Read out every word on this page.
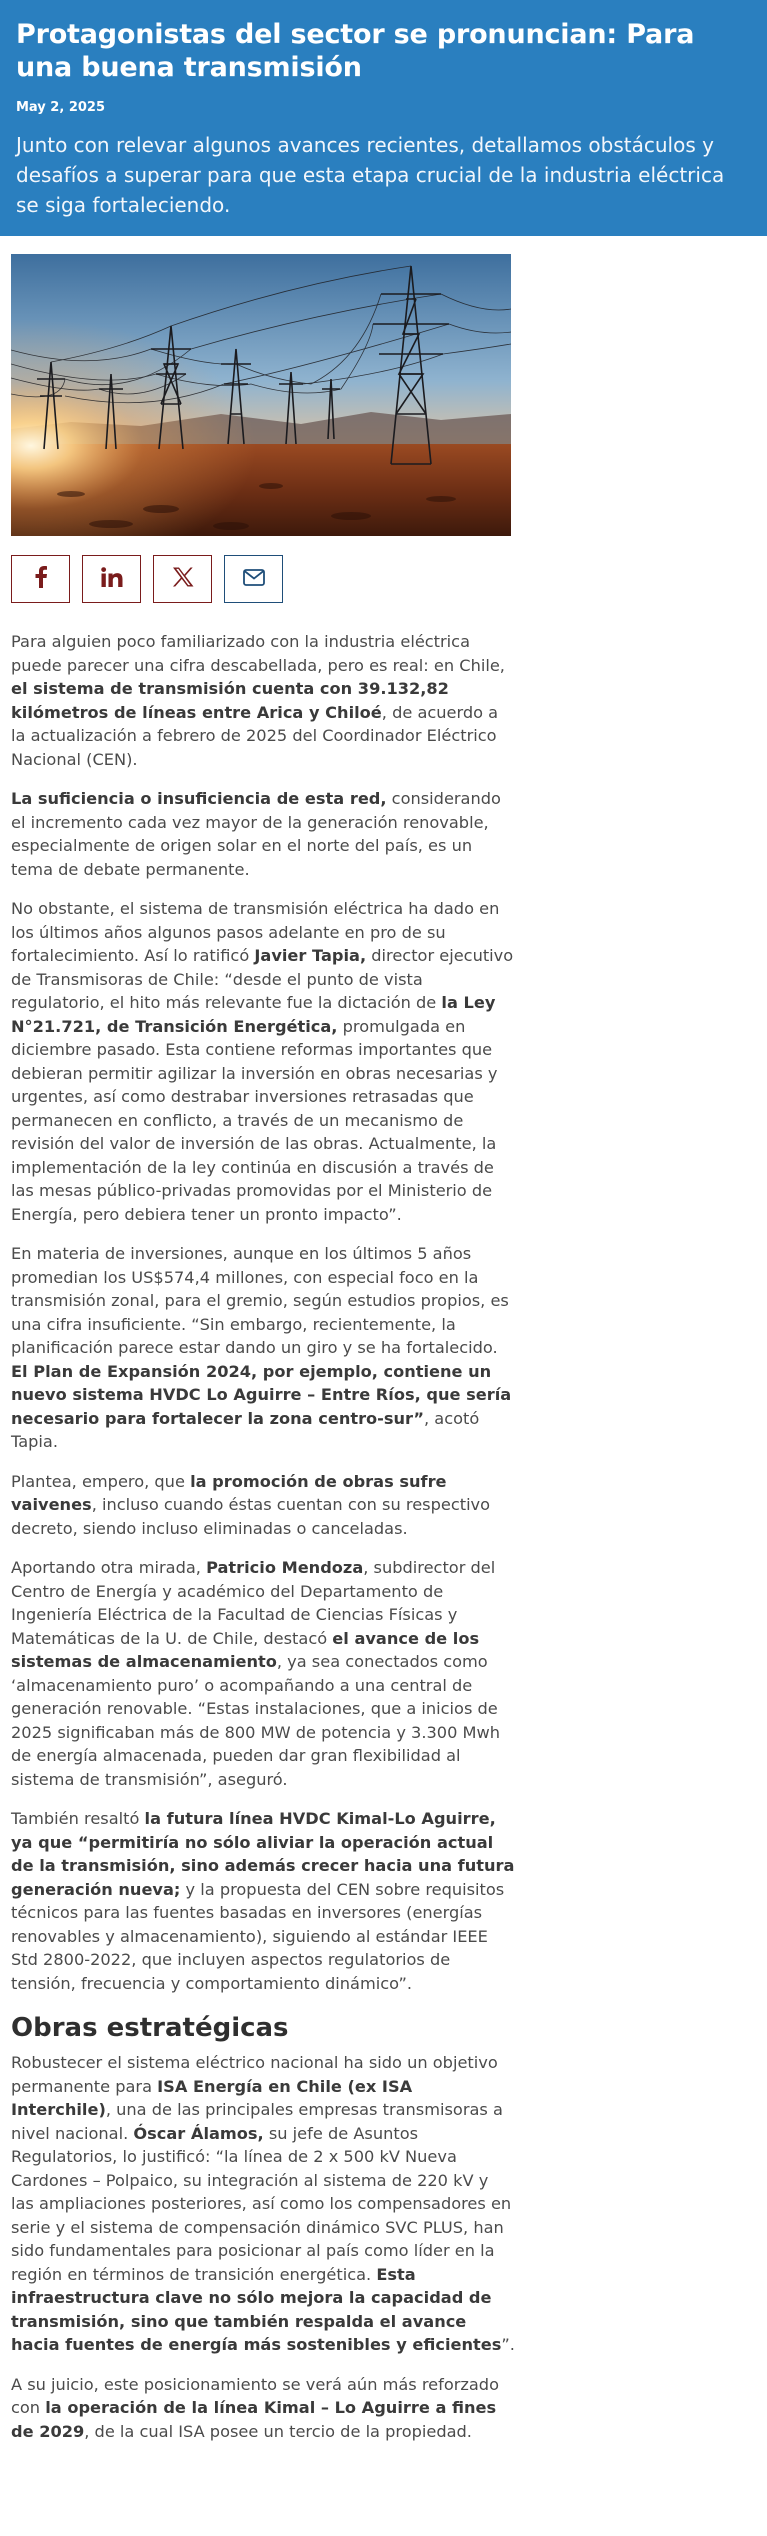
Protagonistas del sector se pronuncian: Para una buena transmisión
May 2, 2025

Junto con relevar algunos avances recientes, detallamos obstáculos y desafíos a superar para que esta etapa crucial de la industria eléctrica se siga fortaleciendo.

Para alguien poco familiarizado con la industria eléctrica puede parecer una cifra descabellada, pero es real: en Chile, el sistema de transmisión cuenta con 39.132,82 kilómetros de líneas entre Arica y Chiloé, de acuerdo a la actualización a febrero de 2025 del Coordinador Eléctrico Nacional (CEN).

La suficiencia o insuficiencia de esta red, considerando el incremento cada vez mayor de la generación renovable, especialmente de origen solar en el norte del país, es un tema de debate permanente.

No obstante, el sistema de transmisión eléctrica ha dado en los últimos años algunos pasos adelante en pro de su fortalecimiento. Así lo ratificó Javier Tapia, director ejecutivo de Transmisoras de Chile: “desde el punto de vista regulatorio, el hito más relevante fue la dictación de la Ley N°21.721, de Transición Energética, promulgada en diciembre pasado. Esta contiene reformas importantes que debieran permitir agilizar la inversión en obras necesarias y urgentes, así como destrabar inversiones retrasadas que permanecen en conflicto, a través de un mecanismo de revisión del valor de inversión de las obras. Actualmente, la implementación de la ley continúa en discusión a través de las mesas público-privadas promovidas por el Ministerio de Energía, pero debiera tener un pronto impacto”.

En materia de inversiones, aunque en los últimos 5 años promedian los US$574,4 millones, con especial foco en la transmisión zonal, para el gremio, según estudios propios, es una cifra insuficiente. “Sin embargo, recientemente, la planificación parece estar dando un giro y se ha fortalecido. El Plan de Expansión 2024, por ejemplo, contiene un nuevo sistema HVDC Lo Aguirre – Entre Ríos, que sería necesario para fortalecer la zona centro-sur”, acotó Tapia.

Plantea, empero, que la promoción de obras sufre vaivenes, incluso cuando éstas cuentan con su respectivo decreto, siendo incluso eliminadas o canceladas.

Aportando otra mirada, Patricio Mendoza, subdirector del Centro de Energía y académico del Departamento de Ingeniería Eléctrica de la Facultad de Ciencias Físicas y Matemáticas de la U. de Chile, destacó el avance de los sistemas de almacenamiento, ya sea conectados como ‘almacenamiento puro’ o acompañando a una central de generación renovable. “Estas instalaciones, que a inicios de 2025 significaban más de 800 MW de potencia y 3.300 Mwh de energía almacenada, pueden dar gran flexibilidad al sistema de transmisión”, aseguró.

También resaltó la futura línea HVDC Kimal-Lo Aguirre, ya que “permitiría no sólo aliviar la operación actual de la transmisión, sino además crecer hacia una futura generación nueva; y la propuesta del CEN sobre requisitos técnicos para las fuentes basadas en inversores (energías renovables y almacenamiento), siguiendo al estándar IEEE Std 2800-2022, que incluyen aspectos regulatorios de tensión, frecuencia y comportamiento dinámico”.

Obras estratégicas

Robustecer el sistema eléctrico nacional ha sido un objetivo permanente para ISA Energía en Chile (ex ISA Interchile), una de las principales empresas transmisoras a nivel nacional. Óscar Álamos, su jefe de Asuntos Regulatorios, lo justificó: “la línea de 2 x 500 kV Nueva Cardones – Polpaico, su integración al sistema de 220 kV y las ampliaciones posteriores, así como los compensadores en serie y el sistema de compensación dinámico SVC PLUS, han sido fundamentales para posicionar al país como líder en la región en términos de transición energética. Esta infraestructura clave no sólo mejora la capacidad de transmisión, sino que también respalda el avance hacia fuentes de energía más sostenibles y eficientes”.

A su juicio, este posicionamiento se verá aún más reforzado con la operación de la línea Kimal – Lo Aguirre a fines de 2029, de la cual ISA posee un tercio de la propiedad.
